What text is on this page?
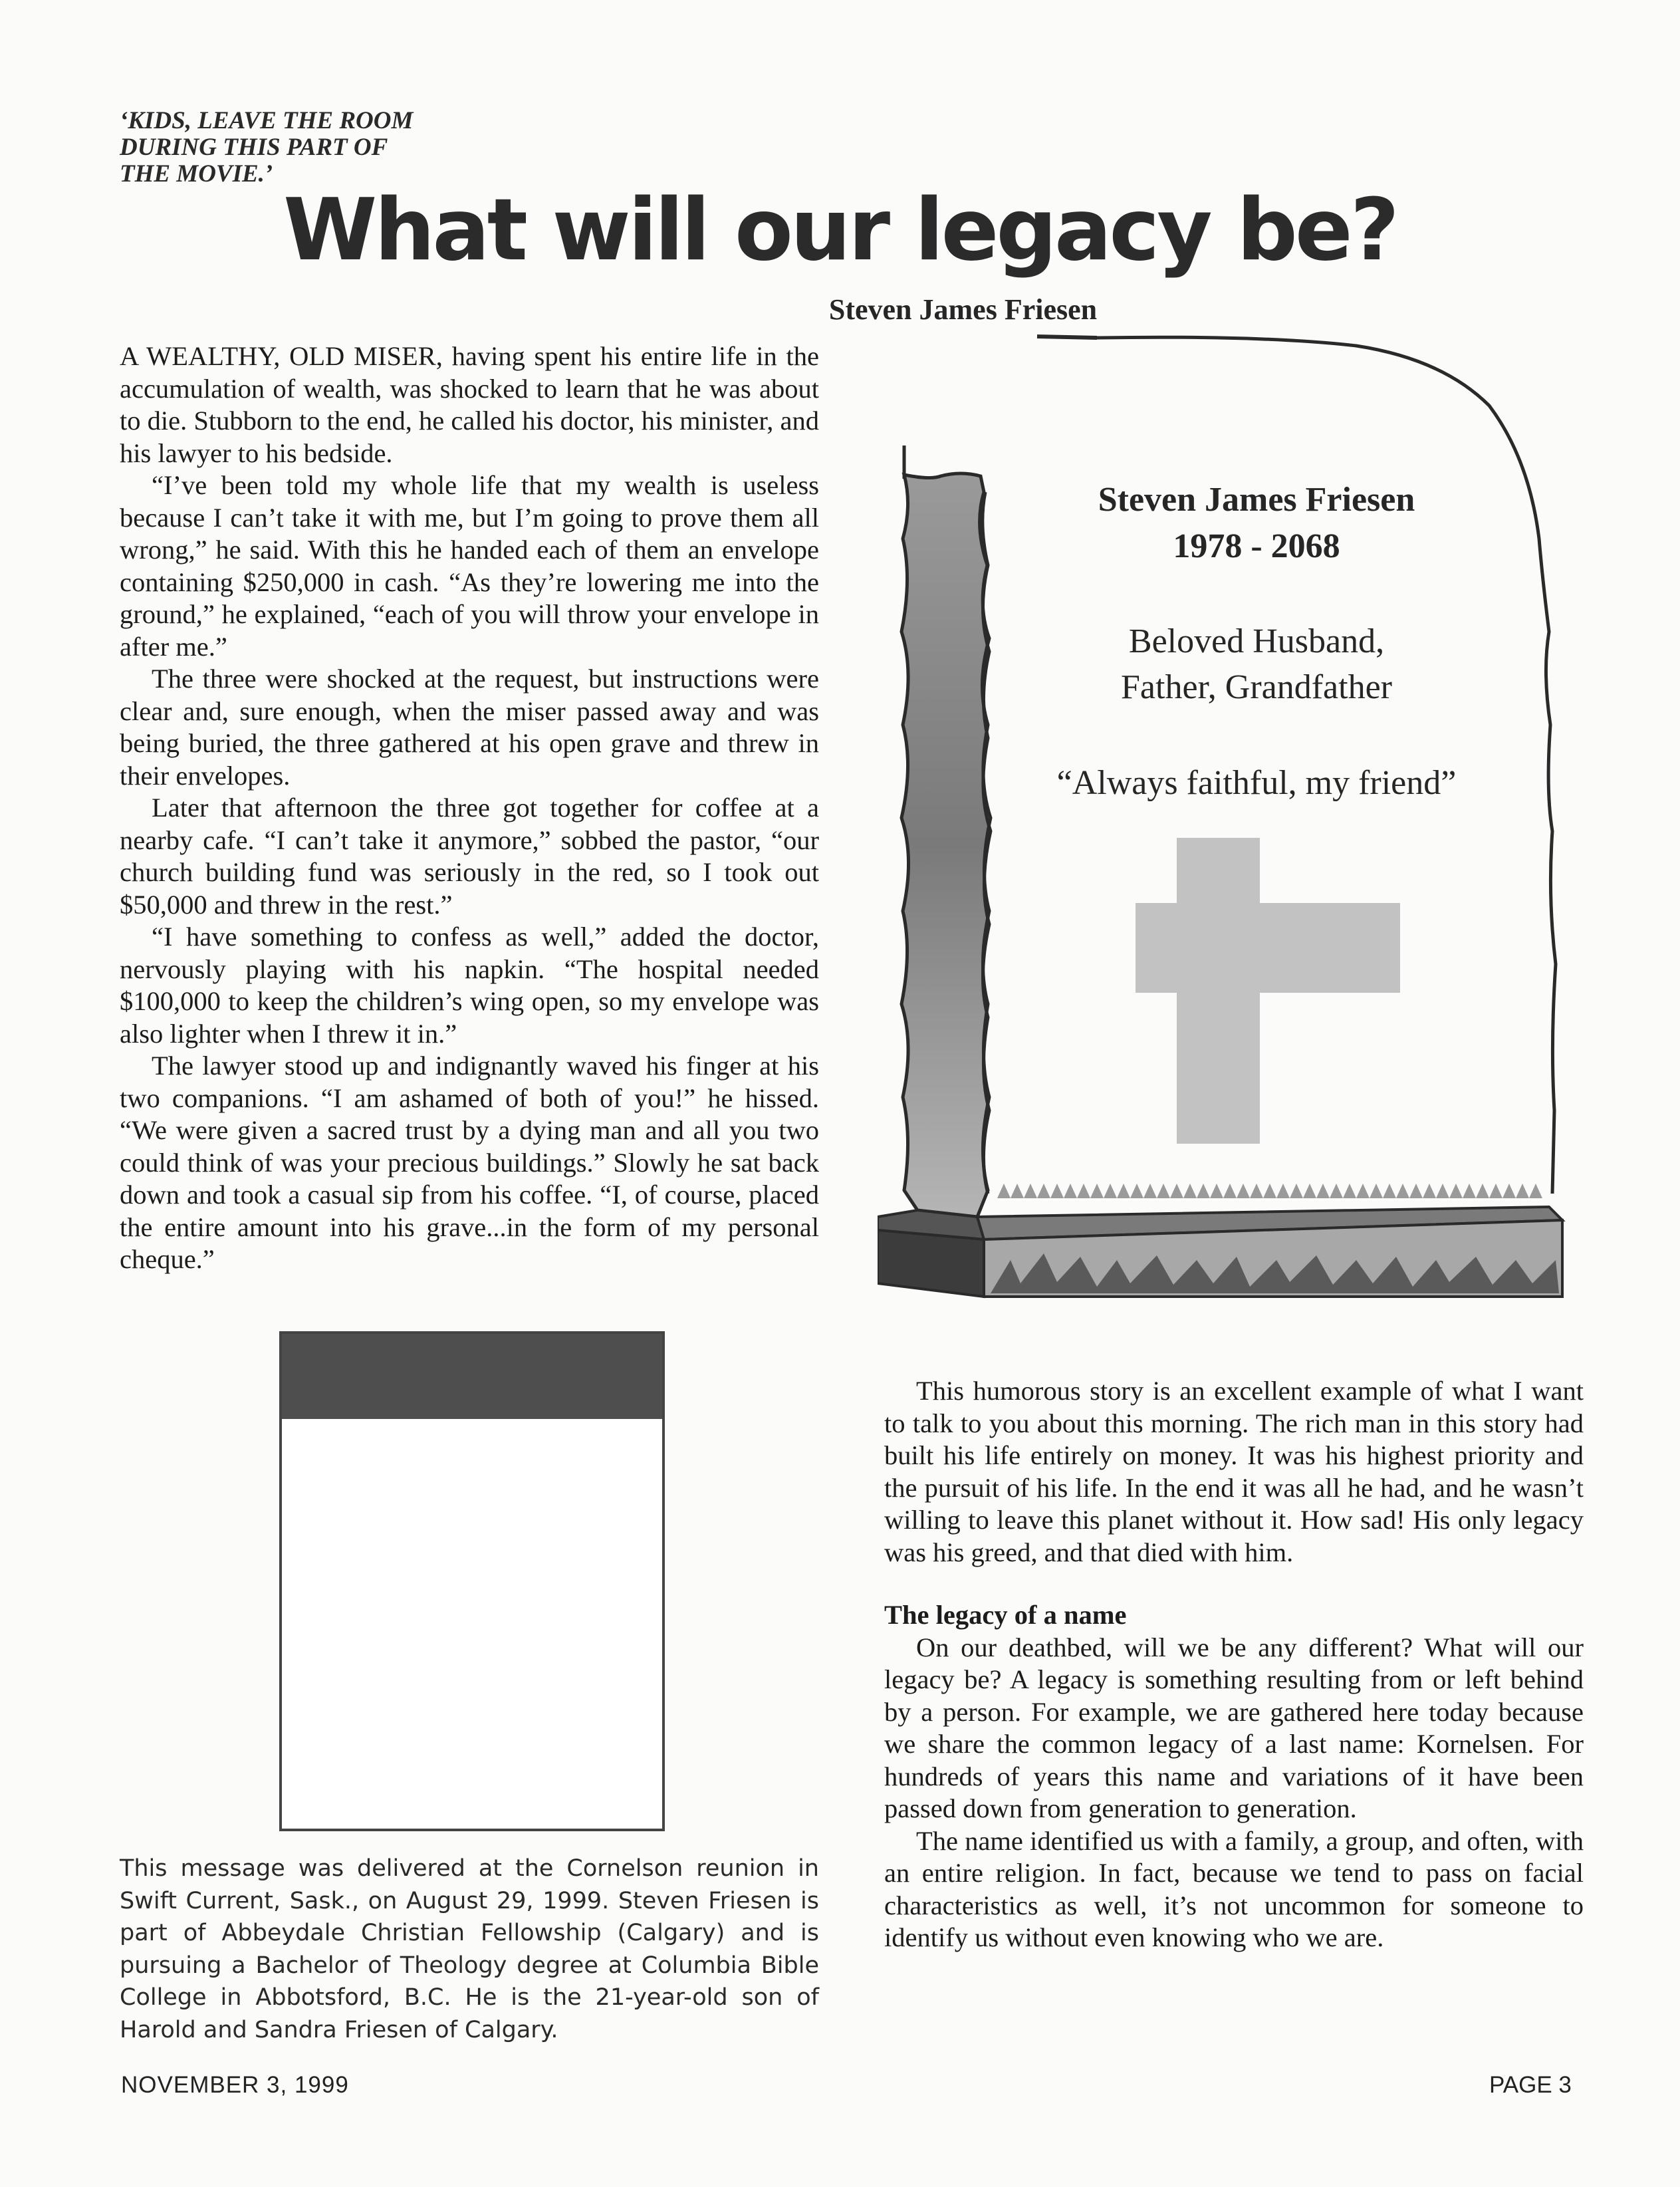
‘KIDS, LEAVE THE ROOM
DURING THIS PART OF
THE MOVIE.’
What will our legacy be?
Steven James Friesen

A WEALTHY, OLD MISER, having spent his entire life in the accumulation of wealth, was shocked to learn that he was about to die. Stubborn to the end, he called his doctor, his minister, and his lawyer to his bedside.

“I’ve been told my whole life that my wealth is useless because I can’t take it with me, but I’m going to prove them all wrong,” he said. With this he handed each of them an envelope containing $250,000 in cash. “As they’re lowering me into the ground,” he explained, “each of you will throw your envelope in after me.”

The three were shocked at the request, but instructions were clear and, sure enough, when the miser passed away and was being buried, the three gathered at his open grave and threw in their envelopes.

Later that afternoon the three got together for coffee at a nearby cafe. “I can’t take it anymore,” sobbed the pastor, “our church building fund was seriously in the red, so I took out $50,000 and threw in the rest.”

“I have something to confess as well,” added the doctor, nervously playing with his napkin. “The hospital needed $100,000 to keep the children’s wing open, so my envelope was also lighter when I threw it in.”

The lawyer stood up and indignantly waved his finger at his two companions. “I am ashamed of both of you!” he hissed. “We were given a sacred trust by a dying man and all you two could think of was your precious buildings.” Slowly he sat back down and took a casual sip from his coffee. “I, of course, placed the entire amount into his grave...in the form of my personal cheque.”

Steven James Friesen
1978 - 2068
Beloved Husband,
Father, Grandfather
“Always faithful, my friend”

This message was delivered at the Cornelson reunion in Swift Current, Sask., on August 29, 1999. Steven Friesen is part of Abbeydale Christian Fellowship (Calgary) and is pursuing a Bachelor of Theology degree at Columbia Bible College in Abbotsford, B.C. He is the 21-year-old son of Harold and Sandra Friesen of Calgary.

This humorous story is an excellent example of what I want to talk to you about this morning. The rich man in this story had built his life entirely on money. It was his highest priority and the pursuit of his life. In the end it was all he had, and he wasn’t willing to leave this planet without it. How sad! His only legacy was his greed, and that died with him.

The legacy of a name

On our deathbed, will we be any different? What will our legacy be? A legacy is something resulting from or left behind by a person. For example, we are gathered here today because we share the common legacy of a last name: Kornelsen. For hundreds of years this name and variations of it have been passed down from generation to generation.

The name identified us with a family, a group, and often, with an entire religion. In fact, because we tend to pass on facial characteristics as well, it’s not uncommon for someone to identify us without even knowing who we are.

NOVEMBER 3, 1999	PAGE 3
